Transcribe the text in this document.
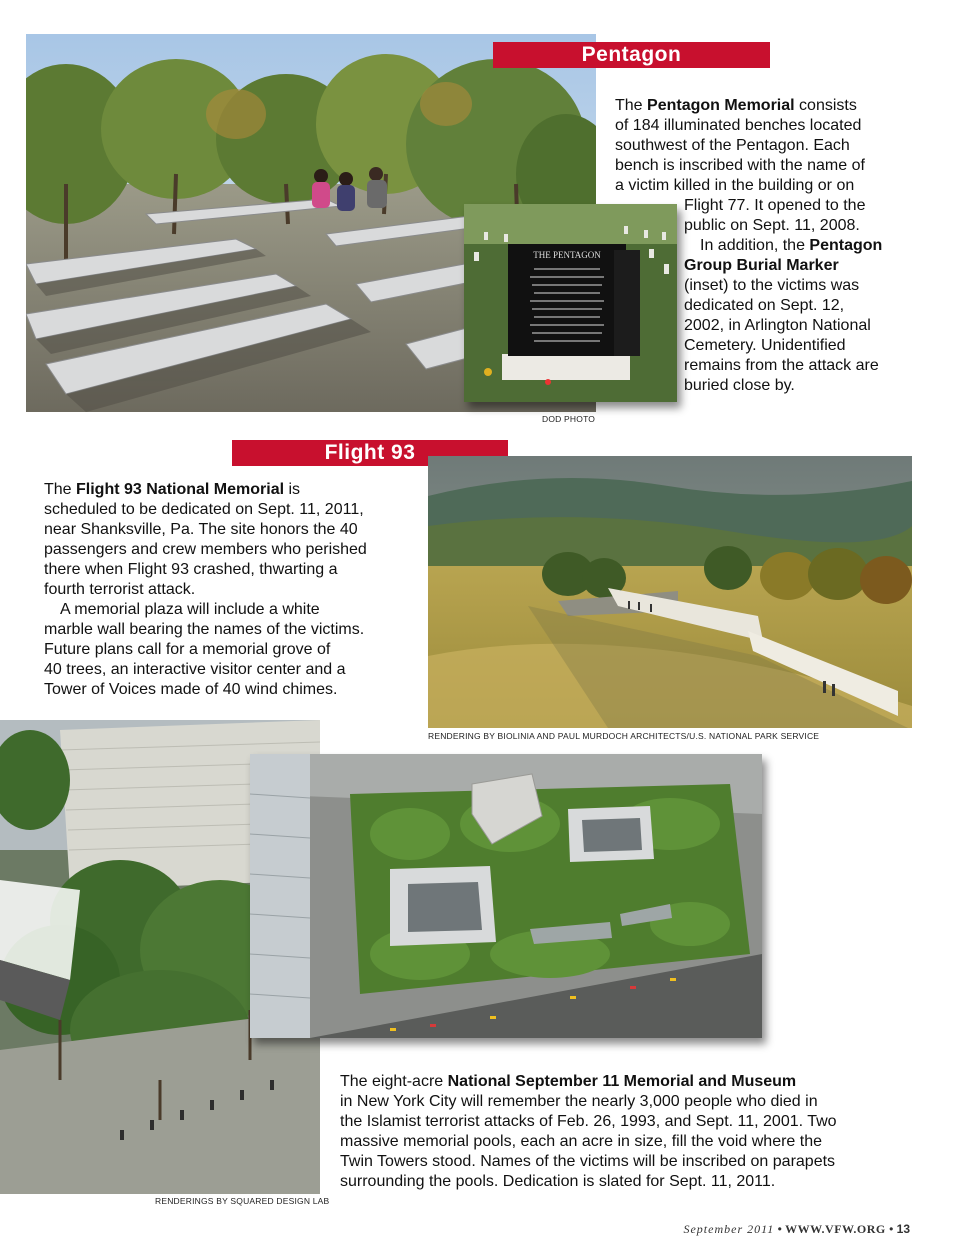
Pentagon

The Pentagon Memorial consists

of 184 illuminated benches located

southwest of the Pentagon. Each

bench is inscribed with the name of

a victim killed in the building or on

Flight 77. It opened to the

public on Sept. 11, 2008.

In addition, the Pentagon

Group Burial Marker

(inset) to the victims was

dedicated on Sept. 12,

2002, in Arlington National

Cemetery. Unidentified

remains from the attack are

buried close by.

THE PENTAGON
DOD PHOTO
Flight 93

The Flight 93 National Memorial is

scheduled to be dedicated on Sept. 11, 2011,

near Shanksville, Pa. The site honors the 40

passengers and crew members who perished

there when Flight 93 crashed, thwarting a

fourth terrorist attack.

A memorial plaza will include a white

marble wall bearing the names of the victims.

Future plans call for a memorial grove of

40 trees, an interactive visitor center and a

Tower of Voices made of 40 wind chimes.

RENDERING BY BIOLINIA AND PAUL MURDOCH ARCHITECTS/U.S. NATIONAL PARK SERVICE

The eight-acre National September 11 Memorial and Museum

in New York City will remember the nearly 3,000 people who died in

the Islamist terrorist attacks of Feb. 26, 1993, and Sept. 11, 2001. Two

massive memorial pools, each an acre in size, fill the void where the

Twin Towers stood. Names of the victims will be inscribed on parapets

surrounding the pools. Dedication is slated for Sept. 11, 2011.

RENDERINGS BY SQUARED DESIGN LAB
September 2011 • WWW.VFW.ORG • 13
